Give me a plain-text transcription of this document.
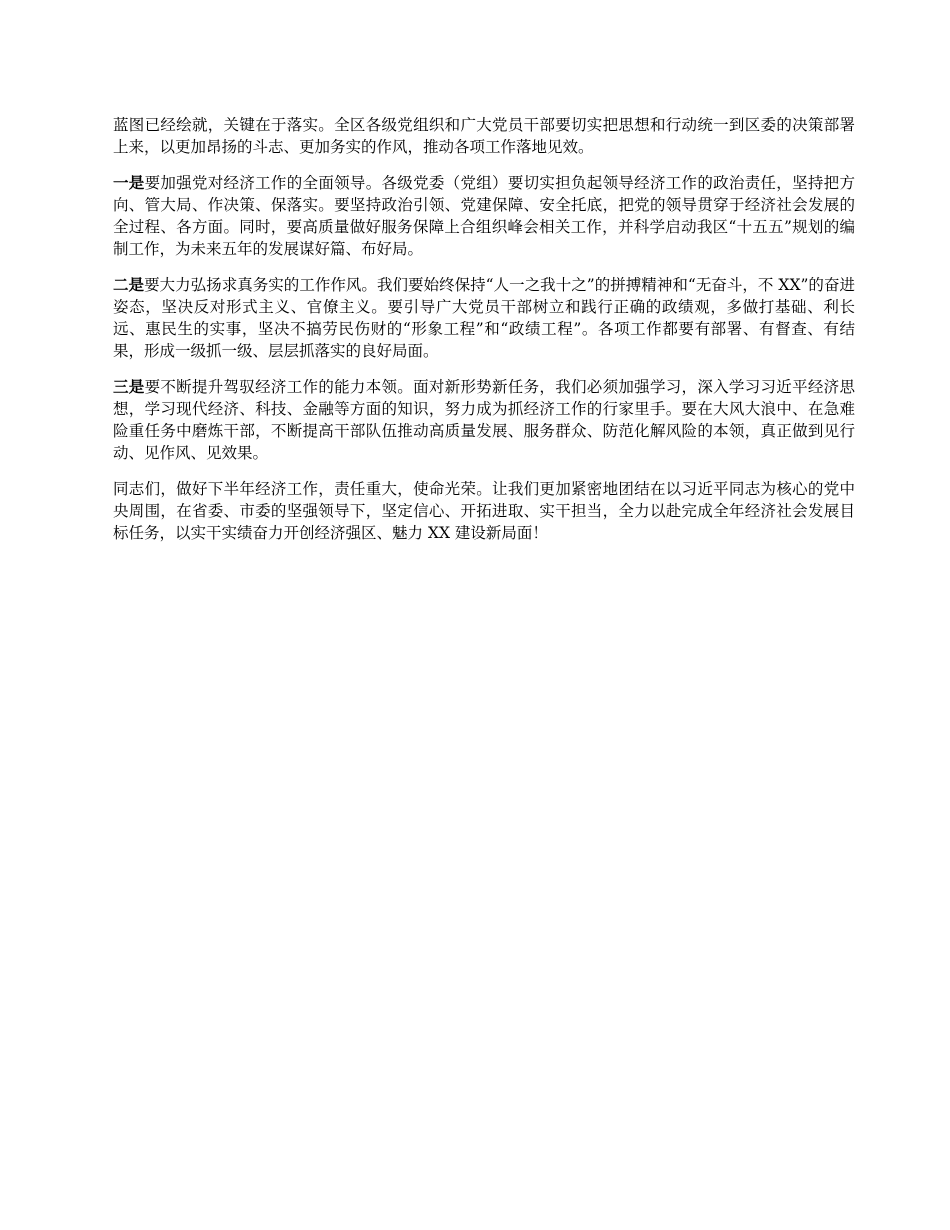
蓝图已经绘就，关键在于落实。全区各级党组织和广大党员干部要切实把思想和行动统一到区委的决策部署上来，以更加昂扬的斗志、更加务实的作风，推动各项工作落地见效。

一是要加强党对经济工作的全面领导。各级党委（党组）要切实担负起领导经济工作的政治责任，坚持把方向、管大局、作决策、保落实。要坚持政治引领、党建保障、安全托底，把党的领导贯穿于经济社会发展的全过程、各方面。同时，要高质量做好服务保障上合组织峰会相关工作，并科学启动我区“十五五”规划的编制工作，为未来五年的发展谋好篇、布好局。

二是要大力弘扬求真务实的工作作风。我们要始终保持“人一之我十之”的拼搏精神和“无奋斗，不 XX”的奋进姿态，坚决反对形式主义、官僚主义。要引导广大党员干部树立和践行正确的政绩观，多做打基础、利长远、惠民生的实事，坚决不搞劳民伤财的“形象工程”和“政绩工程”。各项工作都要有部署、有督查、有结果，形成一级抓一级、层层抓落实的良好局面。

三是要不断提升驾驭经济工作的能力本领。面对新形势新任务，我们必须加强学习，深入学习习近平经济思想，学习现代经济、科技、金融等方面的知识，努力成为抓经济工作的行家里手。要在大风大浪中、在急难险重任务中磨炼干部，不断提高干部队伍推动高质量发展、服务群众、防范化解风险的本领，真正做到见行动、见作风、见效果。

同志们，做好下半年经济工作，责任重大，使命光荣。让我们更加紧密地团结在以习近平同志为核心的党中央周围，在省委、市委的坚强领导下，坚定信心、开拓进取、实干担当，全力以赴完成全年经济社会发展目标任务，以实干实绩奋力开创经济强区、魅力 XX 建设新局面！
